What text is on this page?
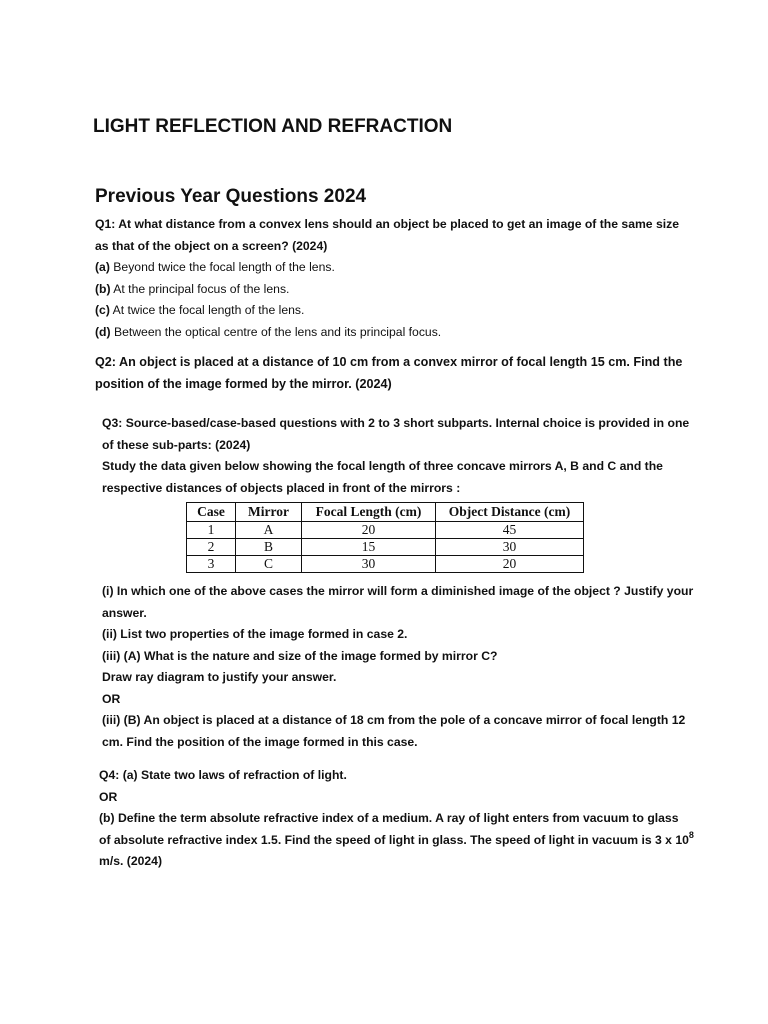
LIGHT REFLECTION AND REFRACTION
Previous Year Questions 2024

Q1: At what distance from a convex lens should an object be placed to get an image of the same size

as that of the object on a screen? (2024)

(a) Beyond twice the focal length of the lens.

(b) At the principal focus of the lens.

(c) At twice the focal length of the lens.

(d) Between the optical centre of the lens and its principal focus.

Q2: An object is placed at a distance of 10 cm from a convex mirror of focal length 15 cm. Find the

position of the image formed by the mirror. (2024)

Q3: Source-based/case-based questions with 2 to 3 short subparts. Internal choice is provided in one

of these sub-parts: (2024)

Study the data given below showing the focal length of three concave mirrors A, B and C and the

respective distances of objects placed in front of the mirrors :

Case	Mirror	Focal Length (cm)	Object Distance (cm)
1	A	20	45
2	B	15	30
3	C	30	20

(i) In which one of the above cases the mirror will form a diminished image of the object ? Justify your

answer.

(ii) List two properties of the image formed in case 2.

(iii) (A) What is the nature and size of the image formed by mirror C?

Draw ray diagram to justify your answer.

OR

(iii) (B) An object is placed at a distance of 18 cm from the pole of a concave mirror of focal length 12

cm. Find the position of the image formed in this case.

Q4: (a) State two laws of refraction of light.

OR

(b) Define the term absolute refractive index of a medium. A ray of light enters from vacuum to glass

of absolute refractive index 1.5. Find the speed of light in glass. The speed of light in vacuum is 3 x $10^8$

m/s. (2024)
